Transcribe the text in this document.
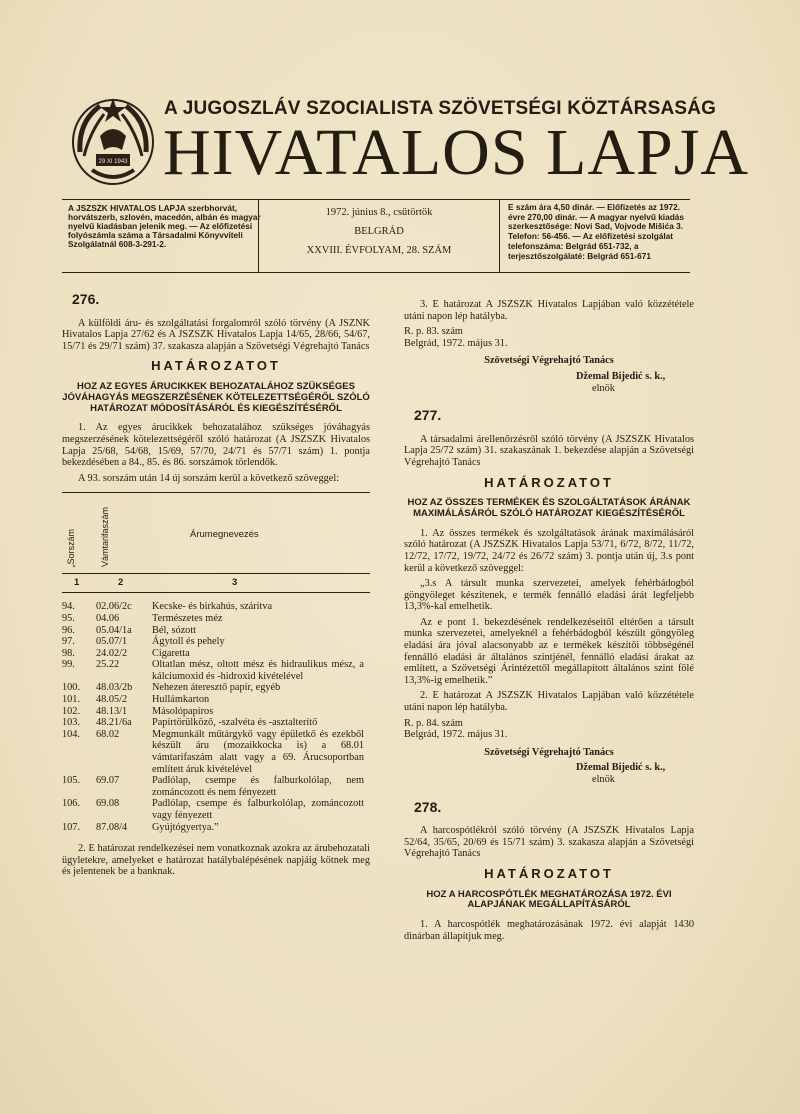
29 XI 1943
A JUGOSZLÁV SZOCIALISTA SZÖVETSÉGI KÖZTÁRSASÁG
HIVATALOS LAPJA
A JSZSZK HIVATALOS LAPJA szerbhorvát, horvátszerb, szlovén, macedón, albán és magyar nyelvű kiadásban jelenik meg. — Az előfizetési folyószámla száma a Társadalmi Könyvviteli Szolgálatnál 608-3-291-2.
1972. június 8., csütörtök
BELGRÁD
XXVIII. ÉVFOLYAM, 28. SZÁM
E szám ára 4,50 dinár. — Előfizetés az 1972. évre 270,00 dinár. — A magyar nyelvű kiadás szerkesztősége: Novi Sad, Vojvode Mišića 3. Telefon: 56-456. — Az előfizetési szolgálat telefonszáma: Belgrád 651-732, a terjesztőszolgálaté: Belgrád 651-671

276.

A külföldi áru- és szolgáltatási forgalomról szóló törvény (A JSZNK Hivatalos Lapja 27/62 és A JSZSZK Hivatalos Lapja 14/65, 28/66, 54/67, 15/71 és 29/71 szám) 37. szakasza alapján a Szövetségi Végrehajtó Tanács

HATÁROZATOT

HOZ AZ EGYES ÁRUCIKKEK BEHOZATALÁHOZ SZÜKSÉGES JÓVÁHAGYÁS MEGSZERZÉSÉNEK KÖTELEZETTSÉGÉRŐL SZÓLÓ HATÁROZAT MÓDOSÍTÁSÁRÓL ÉS KIEGÉSZÍTÉSÉRŐL

1. Az egyes árucikkek behozatalához szükséges jóváhagyás megszerzésének kötelezettségéről szóló határozat (A JSZSZK Hivatalos Lapja 25/68, 54/68, 15/69, 57/70, 24/71 és 57/71 szám) 1. pontja bekezdésében a 84., 85. és 86. sorszámok törlendők.

A 93. sorszám után 14 új sorszám kerül a következő szöveggel:

„Sorszám	Vámtarifaszám	Árumegnevezés
1	2	3
94.	02.06/2c	Kecske- és birkahús, szárítva
95.	04.06	Természetes méz
96.	05.04/1a	Bél, sózott
97.	05.07/1	Ágytoll és pehely
98.	24.02/2	Cigaretta
99.	25.22	Oltatlan mész, oltott mész és hidraulikus mész, a kálciumoxid és -hidroxid kivételével
100.	48.03/2b	Nehezen átereszt​ő papír, egyéb
101.	48.05/2	Hullámkarton
102.	48.13/1	Másolópapíros
103.	48.21/6a	Papírtörülköző, -szalvéta és -asztalterítő
104.	68.02	Megmunkált műtárgykő vagy épületkő és ezekből készült áru (mozaikkocka is) a 68.01 vámtarifaszám alatt vagy a 69. Árucsoportban említett áruk kivételével
105.	69.07	Padlólap, csempe és falburkolólap, nem zománcozott és nem fényezett
106.	69.08	Padlólap, csempe és falburkolólap, zománcozott vagy fényezett
107.	87.08/4	Gyújtógyertya.”

2. E határozat rendelkezései nem vonatkoznak azokra az árubehozatali ügyletekre, amelyeket e határozat hatálybalépésének napjáig kötnek meg és jelentenek be a banknak.

3. E határozat A JSZSZK Hivatalos Lapjában való közzététele utáni napon lép hatályba.

R. p. 83. szám

Belgrád, 1972. május 31.

Szövetségi Végrehajtó Tanács

Džemal Bijedić s. k.,
elnök

277.

A társadalmi árellenőrzésről szóló törvény (A JSZSZK Hivatalos Lapja 25/72 szám) 31. szakaszának 1. bekezdése alapján a Szövetségi Végrehajtó Tanács

HATÁROZATOT

HOZ AZ ÖSSZES TERMÉKEK ÉS SZOLGÁLTATÁSOK ÁRÁNAK MAXIMÁLÁSÁRÓL SZÓLÓ HATÁROZAT KIEGÉSZÍTÉSÉRŐL

1. Az összes termékek és szolgáltatások árának maximálásáról szóló határozat (A JSZSZK Hivatalos Lapja 53/71, 6/72, 8/72, 11/72, 12/72, 17/72, 19/72, 24/72 és 26/72 szám) 3. pontja után új, 3.s pont kerül a következő szöveggel:

„3.s A társult munka szervezetei, amelyek fehérbádogból göngyöleget készítenek, e termék fennálló eladási árát legfeljebb 13,3%-kal emelhetik.

Az e pont 1. bekezdésének rendelkezéseitől eltérően a társult munka szervezetei, amelyeknél a fehérbádogból készült göngyöleg eladási ára jóval alacsonyabb az e termékek készítői többségénél fennálló eladási ár általános szintjénél, fennálló eladási árakat az említett, a Szövetségi Árintézettől megállapított általános szint fölé 13,3%-ig emelhetik.”

2. E határozat A JSZSZK Hivatalos Lapjában való közzététele utáni napon lép hatályba.

R. p. 84. szám

Belgrád, 1972. május 31.

Szövetségi Végrehajtó Tanács

Džemal Bijedić s. k.,
elnök

278.

A harcospótlékról szóló törvény (A JSZSZK Hivatalos Lapja 52/64, 35/65, 20/69 és 15/71 szám) 3. szakasza alapján a Szövetségi Végrehajtó Tanács

HATÁROZATOT

HOZ A HARCOSPÓTLÉK MEGHATÁROZÁSA 1972. ÉVI ALAPJÁNAK MEGÁLLAPÍTÁSÁRÓL

1. A harcospótlék meghatározásának 1972. évi alapját 1430 dinárban állapítjuk meg.
